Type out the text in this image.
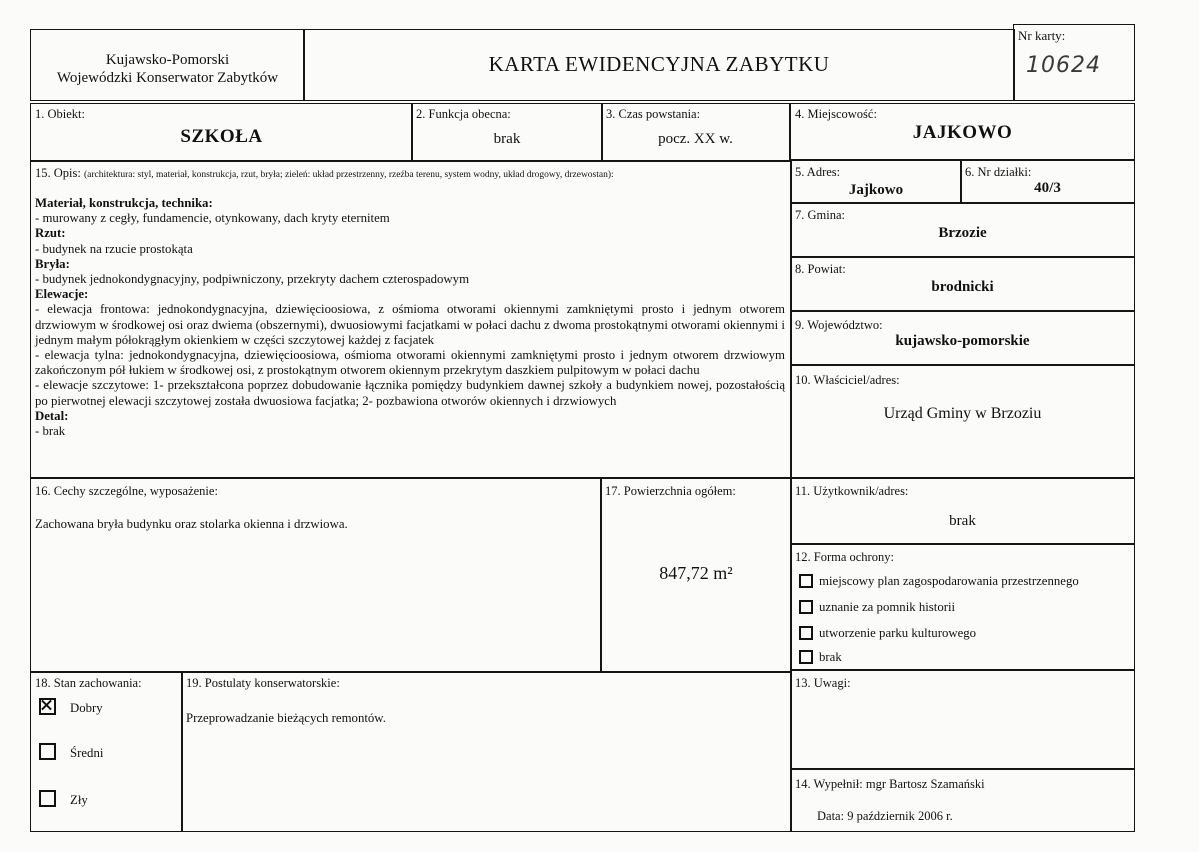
Kujawsko-Pomorski
Wojewódzki Konserwator Zabytków
KARTA EWIDENCYJNA ZABYTKU
Nr karty:
10624
1. Obiekt:
SZKOŁA
2. Funkcja obecna:
brak
3. Czas powstania:
pocz. XX w.
4. Miejscowość:
JAJKOWO
15. Opis: (architektura: styl, materiał, konstrukcja, rzut, bryła; zieleń: układ przestrzenny, rzeźba terenu, system wodny, układ drogowy, drzewostan):
Materiał, konstrukcja, technika:
- murowany z cegły, fundamencie, otynkowany, dach kryty eternitem
Rzut:
- budynek na rzucie prostokąta
Bryła:
- budynek jednokondygnacyjny, podpiwniczony, przekryty dachem czterospadowym
Elewacje:
- elewacja frontowa: jednokondygnacyjna, dziewięcioosiowa, z ośmioma otworami okiennymi zamkniętymi prosto i jednym otworem drzwiowym w środkowej osi oraz dwiema (obszernymi), dwuosiowymi facjatkami w połaci dachu z dwoma prostokątnymi otworami okiennymi i jednym małym półokrągłym okienkiem w części szczytowej każdej z facjatek
- elewacja tylna: jednokondygnacyjna, dziewięcioosiowa, ośmioma otworami okiennymi zamkniętymi prosto i jednym otworem drzwiowym zakończonym pół łukiem w środkowej osi, z prostokątnym otworem okiennym przekrytym daszkiem pulpitowym w połaci dachu
- elewacje szczytowe: 1- przekształcona poprzez dobudowanie łącznika pomiędzy budynkiem dawnej szkoły a budynkiem nowej, pozostałością po pierwotnej elewacji szczytowej została dwuosiowa facjatka; 2- pozbawiona otworów okiennych i drzwiowych
Detal:
- brak
5. Adres:
Jajkowo
6. Nr działki:
40/3
7. Gmina:
Brzozie
8. Powiat:
brodnicki
9. Województwo:
kujawsko-pomorskie
10. Właściciel/adres:
Urząd Gminy w Brzoziu
16. Cechy szczególne, wyposażenie:
Zachowana bryła budynku oraz stolarka okienna i drzwiowa.
17. Powierzchnia ogółem:
847,72 m²
11. Użytkownik/adres:
brak
12. Forma ochrony:
miejscowy plan zagospodarowania przestrzennego
uznanie za pomnik historii
utworzenie parku kulturowego
brak
18. Stan zachowania:
Dobry
Średni
Zły
19. Postulaty konserwatorskie:
Przeprowadzanie bieżących remontów.
13. Uwagi:
14. Wypełnił: mgr Bartosz Szamański
Data: 9 październik 2006 r.
